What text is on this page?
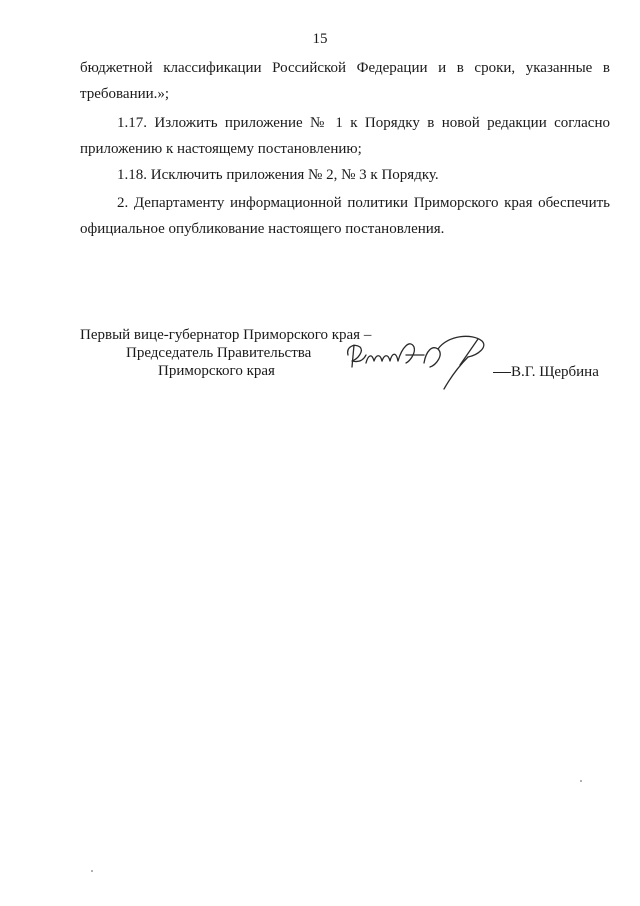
15

бюджетной классификации Российской Федерации и в сроки, указанные в требовании.»;

1.17. Изложить приложение № 1 к Порядку в новой редакции согласно приложению к настоящему постановлению;

1.18. Исключить приложения № 2, № 3 к Порядку.

2. Департаменту информационной политики Приморского края обеспечить официальное опубликование настоящего постановления.

Первый вице-губернатор Приморского края –
Председатель Правительства
Приморского края	В.Г. Щербина
